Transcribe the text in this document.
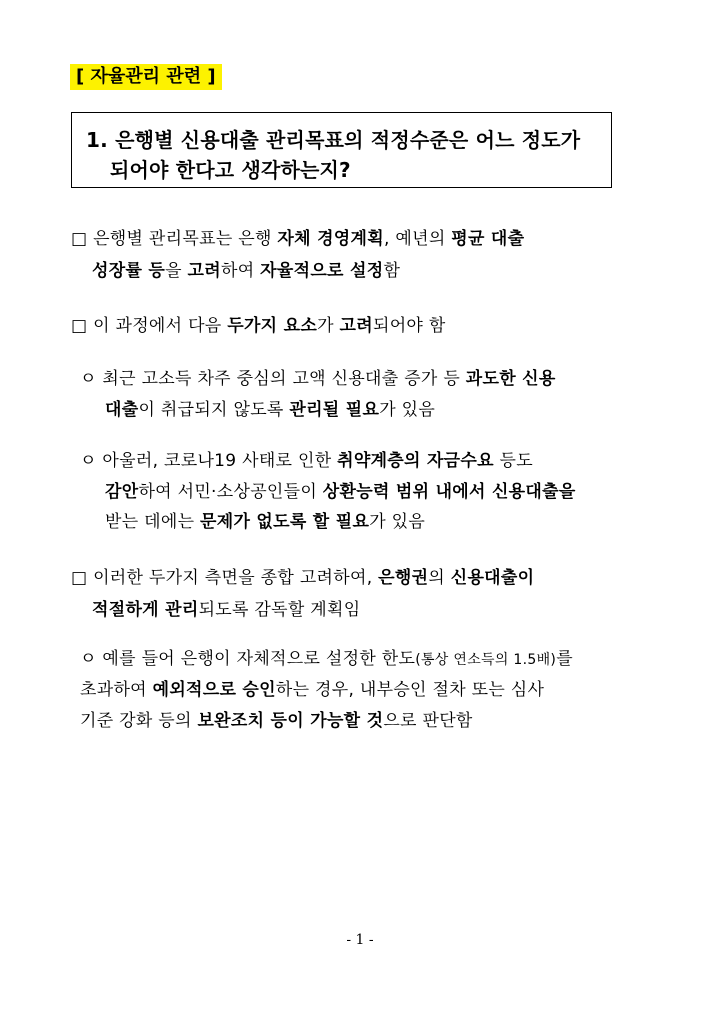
[ 자율관리 관련 ]
1. 은행별 신용대출 관리목표의 적정수준은 어느 정도가
되어야 한다고 생각하는지?
□ 은행별 관리목표는 은행 자체 경영계획, 예년의 평균 대출
성장률 등을 고려하여 자율적으로 설정함
□ 이 과정에서 다음 두가지 요소가 고려되어야 함
ㅇ 최근 고소득 차주 중심의 고액 신용대출 증가 등 과도한 신용
대출이 취급되지 않도록 관리될 필요가 있음
ㅇ 아울러, 코로나19 사태로 인한 취약계층의 자금수요 등도
감안하여 서민·소상공인들이 상환능력 범위 내에서 신용대출을
받는 데에는 문제가 없도록 할 필요가 있음
□ 이러한 두가지 측면을 종합 고려하여, 은행권의 신용대출이
적절하게 관리되도록 감독할 계획임
ㅇ 예를 들어 은행이 자체적으로 설정한 한도(통상 연소득의 1.5배)를
초과하여 예외적으로 승인하는 경우, 내부승인 절차 또는 심사
기준 강화 등의 보완조치 등이 가능할 것으로 판단함
- 1 -
